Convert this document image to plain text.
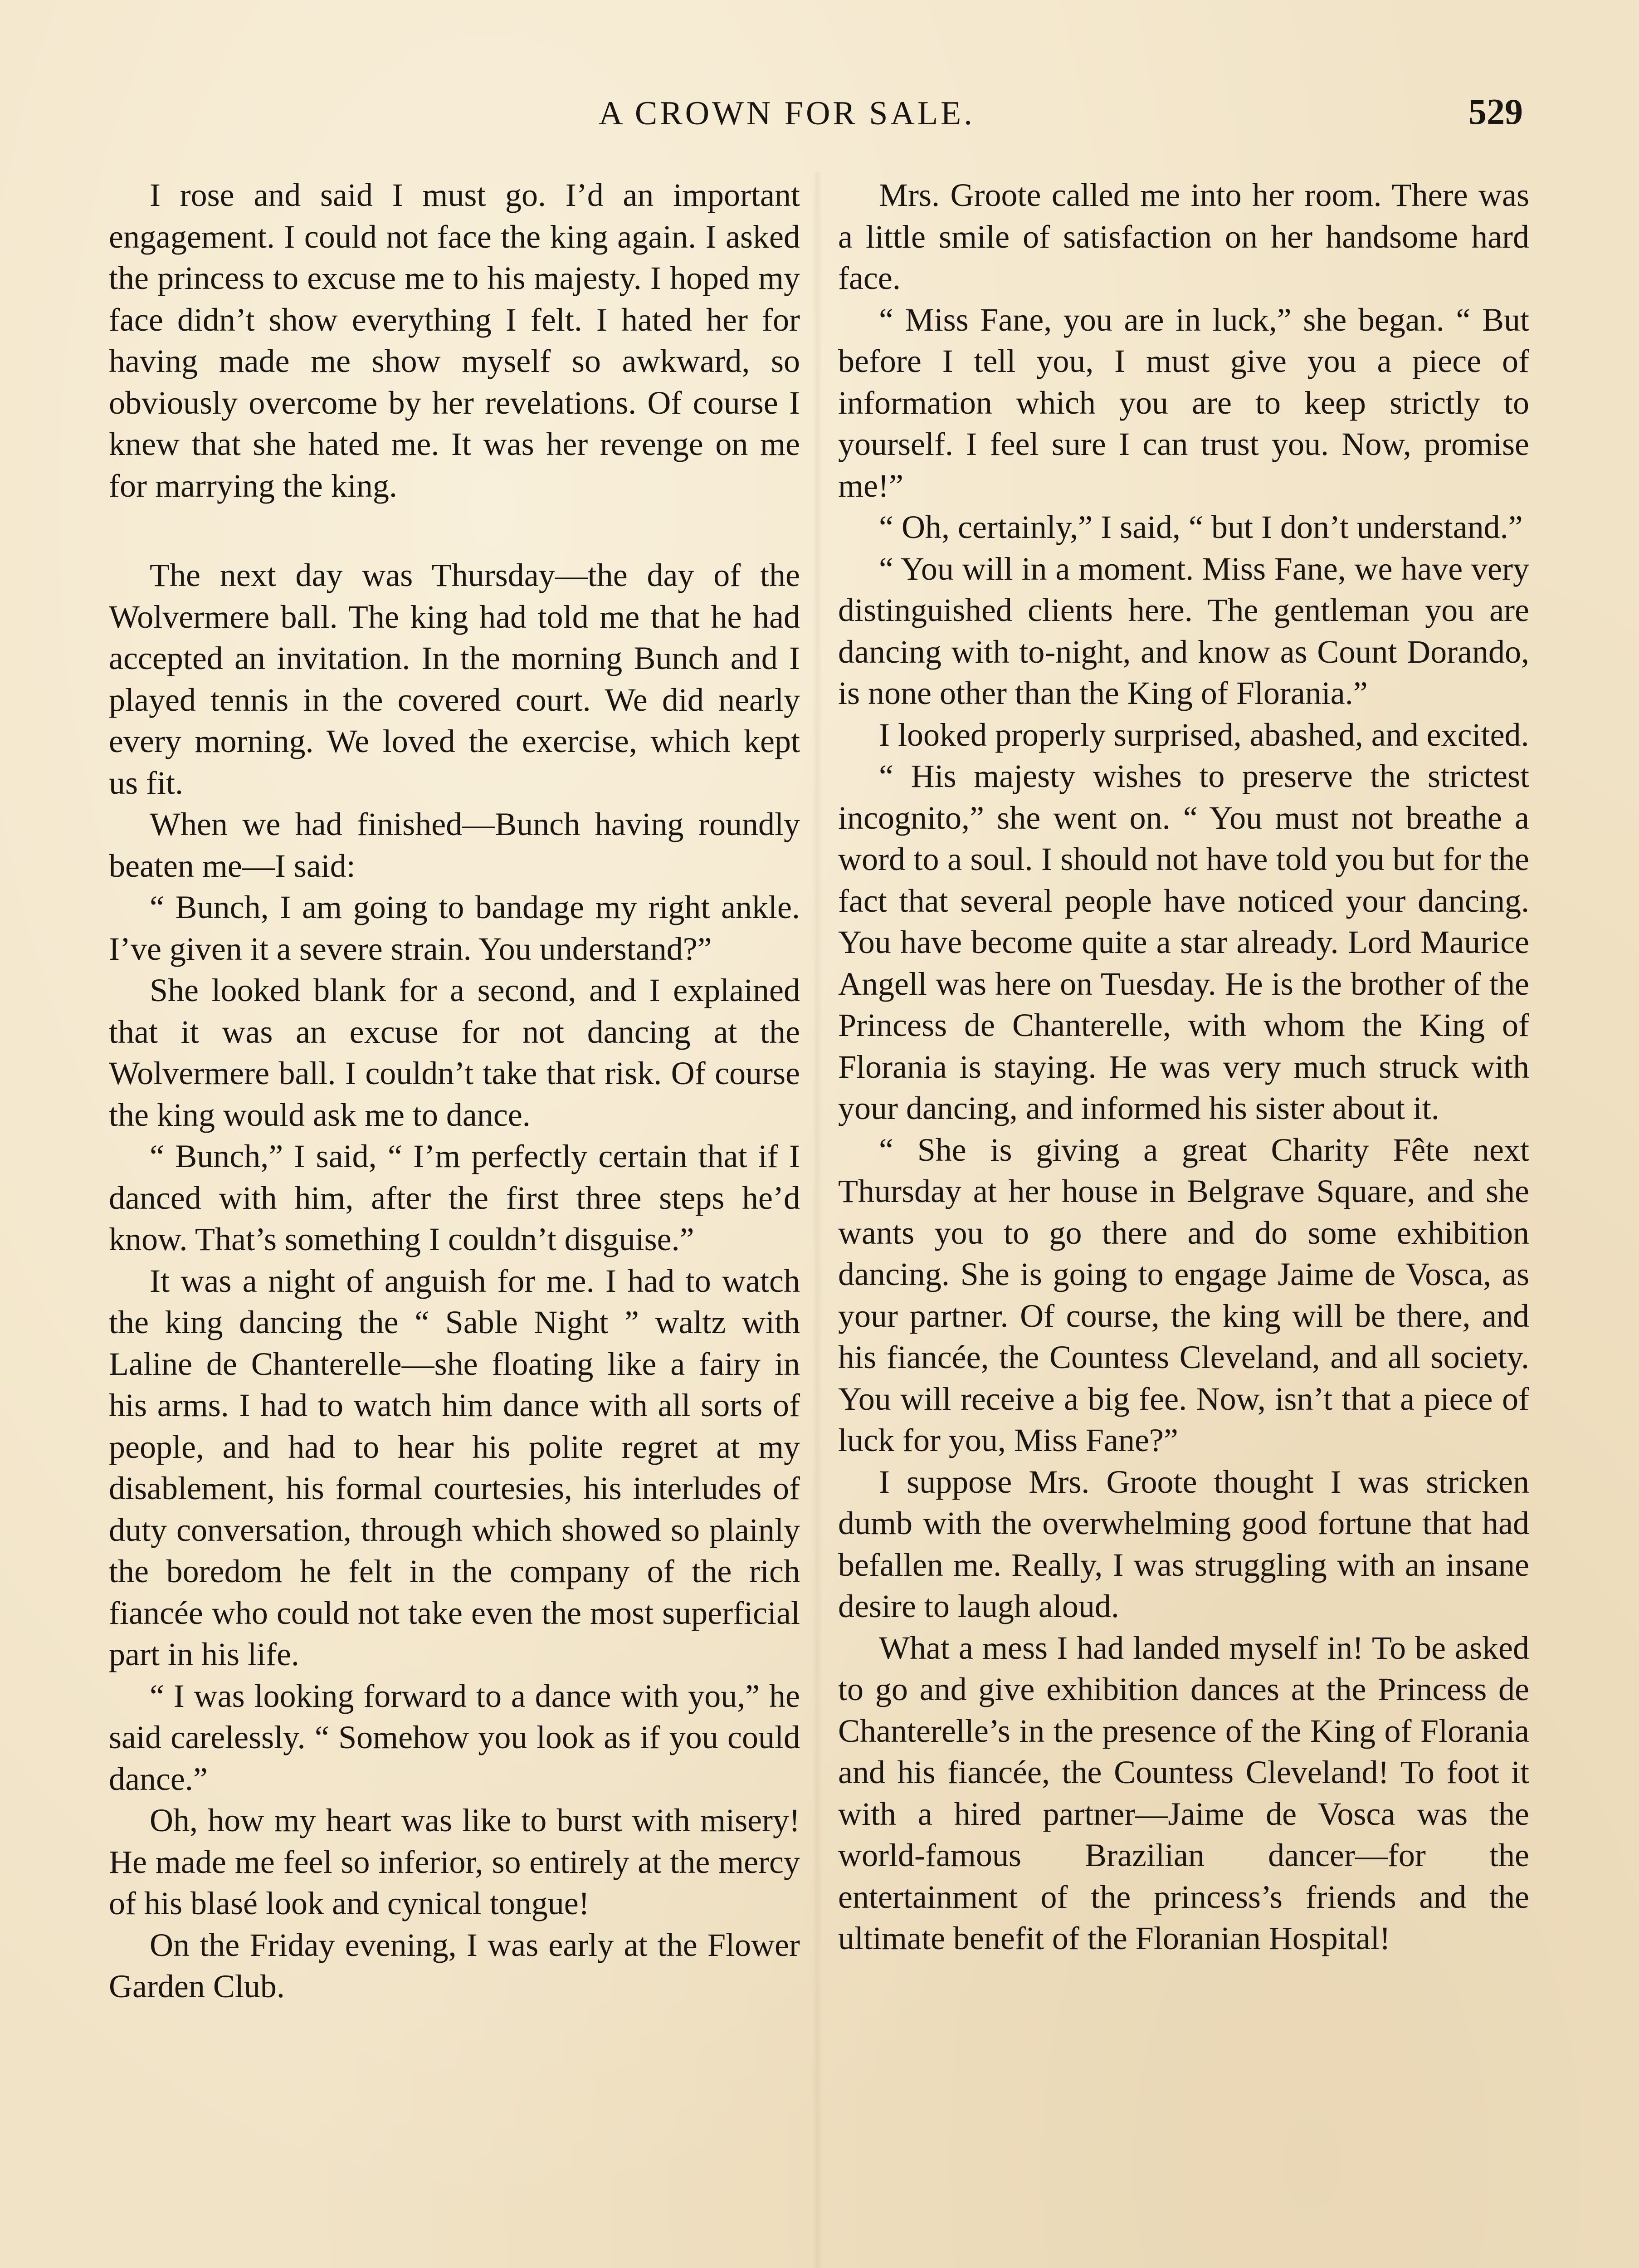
A CROWN FOR SALE.	529

I rose and said I must go. I’d an important engagement. I could not face the king again. I asked the princess to excuse me to his majesty. I hoped my face didn’t show everything I felt. I hated her for having made me show myself so awkward, so obviously overcome by her revelations. Of course I knew that she hated me. It was her revenge on me for marrying the king.

The next day was Thursday—the day of the Wolvermere ball. The king had told me that he had accepted an invitation. In the morning Bunch and I played tennis in the covered court. We did nearly every morning. We loved the exercise, which kept us fit.

When we had finished—Bunch having roundly beaten me—I said:

“ Bunch, I am going to bandage my right ankle. I’ve given it a severe strain. You understand?”

She looked blank for a second, and I explained that it was an excuse for not dancing at the Wolvermere ball. I couldn’t take that risk. Of course the king would ask me to dance.

“ Bunch,” I said, “ I’m perfectly certain that if I danced with him, after the first three steps he’d know. That’s something I couldn’t disguise.”

It was a night of anguish for me. I had to watch the king dancing the “ Sable Night ” waltz with Laline de Chanterelle—she floating like a fairy in his arms. I had to watch him dance with all sorts of people, and had to hear his polite regret at my disablement, his formal courtesies, his interludes of duty conversation, through which showed so plainly the boredom he felt in the company of the rich fiancée who could not take even the most superficial part in his life.

“ I was looking forward to a dance with you,” he said carelessly. “ Somehow you look as if you could dance.”

Oh, how my heart was like to burst with misery! He made me feel so inferior, so entirely at the mercy of his blasé look and cynical tongue!

On the Friday evening, I was early at the Flower Garden Club.

Mrs. Groote called me into her room. There was a little smile of satisfaction on her handsome hard face.

“ Miss Fane, you are in luck,” she began. “ But before I tell you, I must give you a piece of information which you are to keep strictly to yourself. I feel sure I can trust you. Now, promise me!”

“ Oh, certainly,” I said, “ but I don’t understand.”

“ You will in a moment. Miss Fane, we have very distinguished clients here. The gentleman you are dancing with to-night, and know as Count Dorando, is none other than the King of Florania.”

I looked properly surprised, abashed, and excited.

“ His majesty wishes to preserve the strictest incognito,” she went on. “ You must not breathe a word to a soul. I should not have told you but for the fact that several people have noticed your dancing. You have become quite a star already. Lord Maurice Angell was here on Tuesday. He is the brother of the Princess de Chanterelle, with whom the King of Florania is staying. He was very much struck with your dancing, and informed his sister about it.

“ She is giving a great Charity Fête next Thursday at her house in Belgrave Square, and she wants you to go there and do some exhibition dancing. She is going to engage Jaime de Vosca, as your partner. Of course, the king will be there, and his fiancée, the Countess Cleveland, and all society. You will receive a big fee. Now, isn’t that a piece of luck for you, Miss Fane?”

I suppose Mrs. Groote thought I was stricken dumb with the overwhelming good fortune that had befallen me. Really, I was struggling with an insane desire to laugh aloud.

What a mess I had landed myself in! To be asked to go and give exhibition dances at the Princess de Chanterelle’s in the presence of the King of Florania and his fiancée, the Countess Cleveland! To foot it with a hired partner—Jaime de Vosca was the world-famous Brazilian dancer—for the entertainment of the princess’s friends and the ultimate benefit of the Floranian Hospital!
